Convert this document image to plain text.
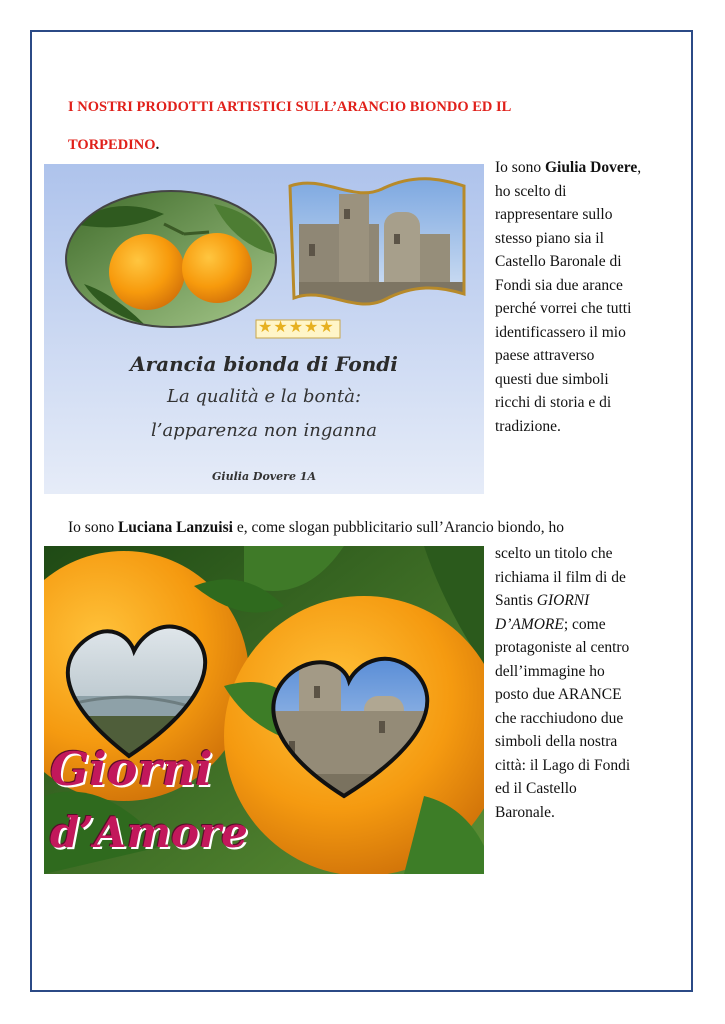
I NOSTRI PRODOTTI ARTISTICI SULL’ARANCIO BIONDO ED IL
TORPEDINO.
★★★★★
Arancia bionda di Fondi
La qualità e la bontà:
l’apparenza non inganna
Giulia Dovere 1A
Io sono Giulia Dovere,
ho scelto di
rappresentare sullo
stesso piano sia il
Castello Baronale di
Fondi sia due arance
perché vorrei che tutti
identificassero il mio
paese attraverso
questi due simboli
ricchi di storia e di
tradizione.
Io sono Luciana Lanzuisi e, come slogan pubblicitario sull’Arancio biondo, ho
Giorni
d’Amore
scelto un titolo che
richiama il film di de
Santis GIORNI
D’AMORE; come
protagoniste al centro
dell’immagine ho
posto due ARANCE
che racchiudono due
simboli della nostra
città: il Lago di Fondi
ed il Castello
Baronale.
